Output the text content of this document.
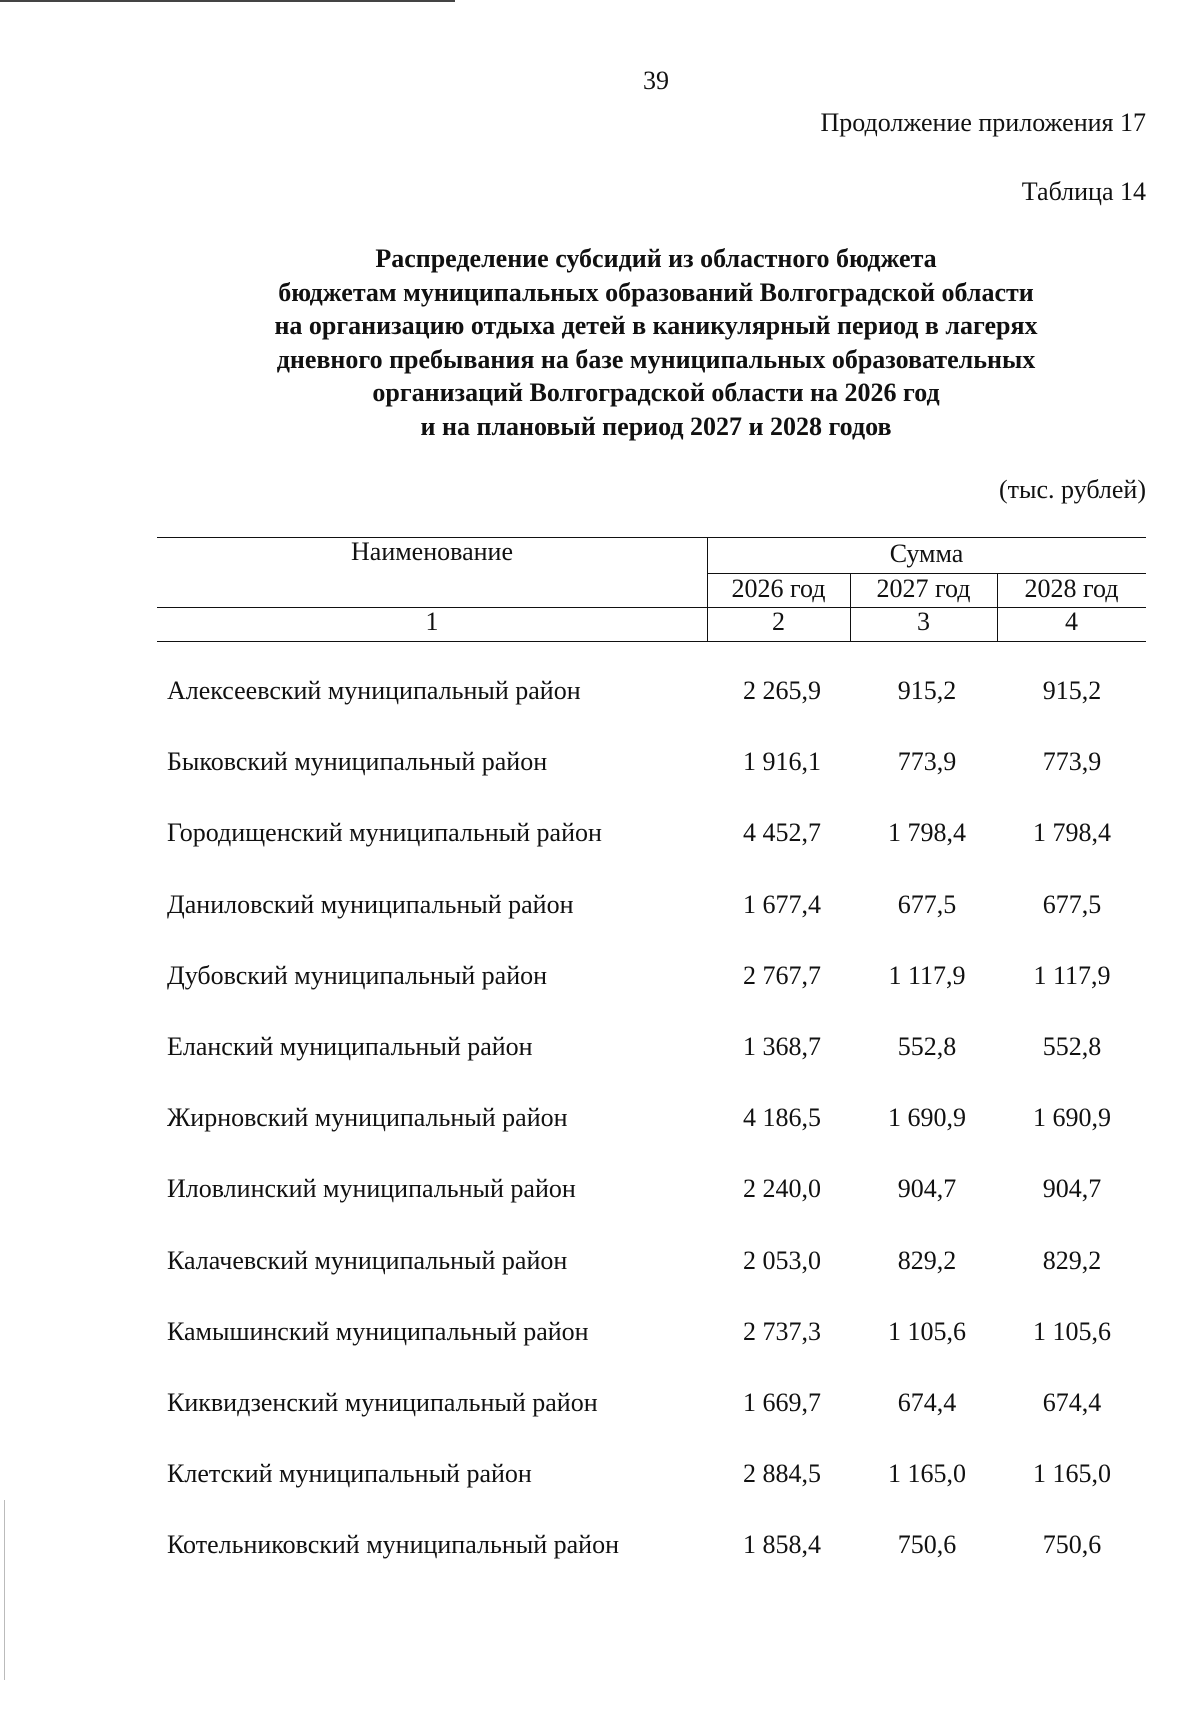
39
Продолжение приложения 17
Таблица 14
Распределение субсидий из областного бюджета
бюджетам муниципальных образований Волгоградской области
на организацию отдыха детей в каникулярный период в лагерях
дневного пребывания на базе муниципальных образовательных
организаций Волгоградской области на 2026 год
и на плановый период 2027 и 2028 годов
(тыс. рублей)
Наименование	Сумма
2026 год	2027 год	2028 год
1	2	3	4
Алексеевский муниципальный район	2 265,9	915,2	915,2
Быковский муниципальный район	1 916,1	773,9	773,9
Городищенский муниципальный район	4 452,7	1 798,4	1 798,4
Даниловский муниципальный район	1 677,4	677,5	677,5
Дубовский муниципальный район	2 767,7	1 117,9	1 117,9
Еланский муниципальный район	1 368,7	552,8	552,8
Жирновский муниципальный район	4 186,5	1 690,9	1 690,9
Иловлинский муниципальный район	2 240,0	904,7	904,7
Калачевский муниципальный район	2 053,0	829,2	829,2
Камышинский муниципальный район	2 737,3	1 105,6	1 105,6
Киквидзенский муниципальный район	1 669,7	674,4	674,4
Клетский муниципальный район	2 884,5	1 165,0	1 165,0
Котельниковский муниципальный район	1 858,4	750,6	750,6
